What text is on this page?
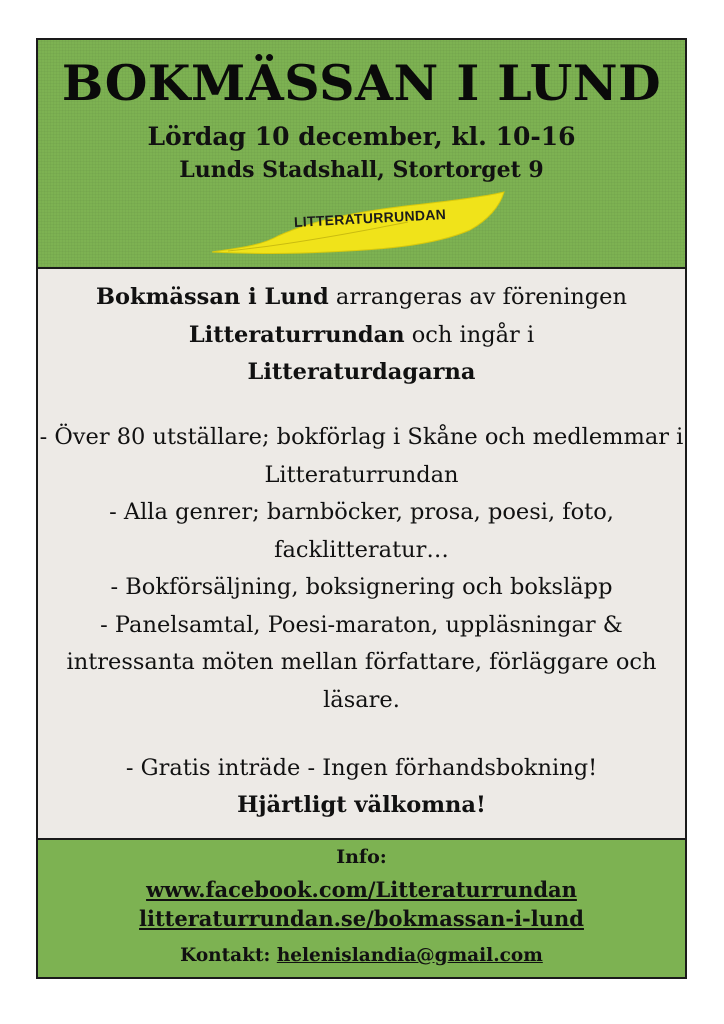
BOKMÄSSAN I LUND
Lördag 10 december, kl. 10-16
Lunds Stadshall, Stortorget 9
LITTERATURRUNDAN
Bokmässan i Lund arrangeras av föreningen Litteraturrundan och ingår i
Litteraturdagarna
- Över 80 utställare; bokförlag i Skåne och medlemmar i Litteraturrundan
- Alla genrer; barnböcker, prosa, poesi, foto, facklitteratur…
- Bokförsäljning, boksignering och boksläpp
- Panelsamtal, Poesi-maraton, uppläsningar & intressanta möten mellan författare, förläggare och läsare.
- Gratis inträde - Ingen förhandsbokning!
Hjärtligt välkomna!
Info:
www.facebook.com/Litteraturrundan
litteraturrundan.se/bokmassan-i-lund
Kontakt: helenislandia@gmail.com
